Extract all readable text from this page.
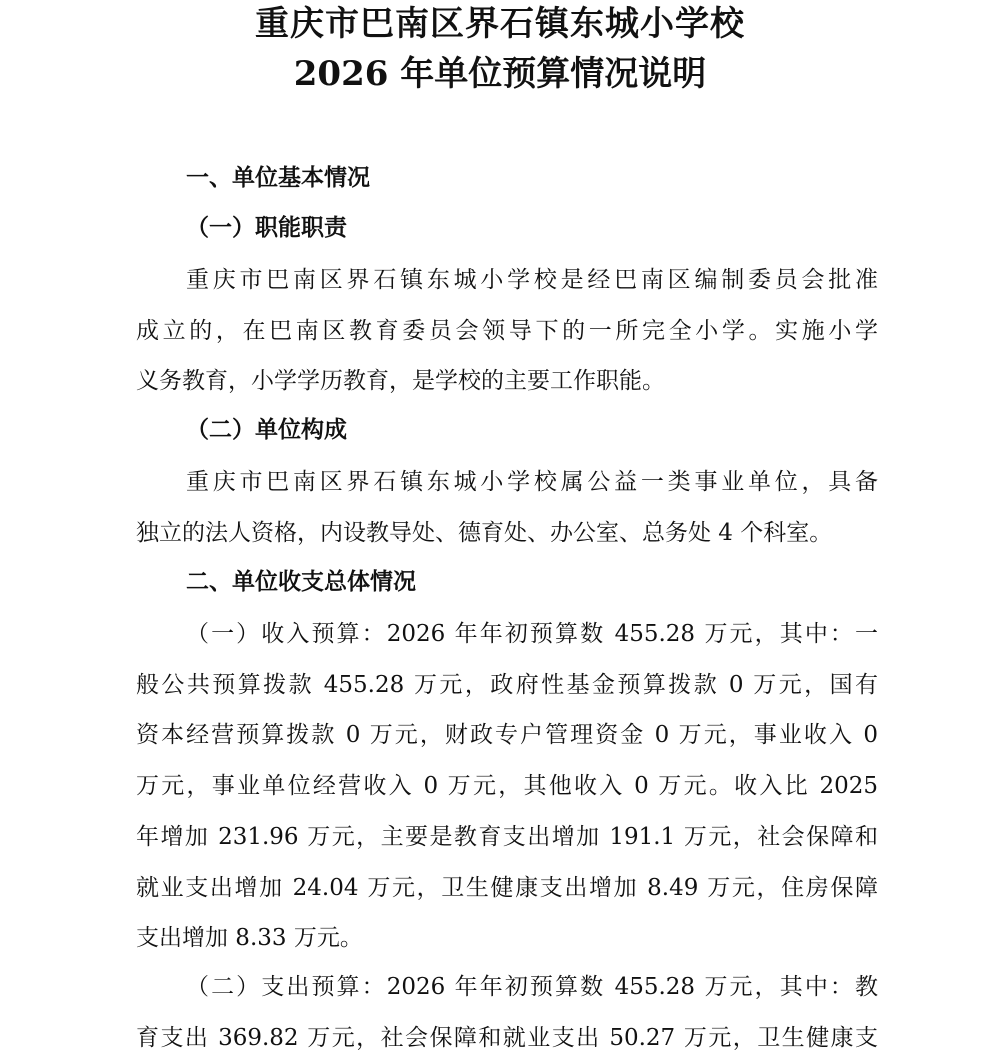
重庆市巴南区界石镇东城小学校
2026 年单位预算情况说明
一、单位基本情况
（一）职能职责

重庆市巴南区界石镇东城小学校是经巴南区编制委员会批准
成立的，在巴南区教育委员会领导下的一所完全小学。实施小学
义务教育，小学学历教育，是学校的主要工作职能。

（二）单位构成

重庆市巴南区界石镇东城小学校属公益一类事业单位，具备
独立的法人资格，内设教导处、德育处、办公室、总务处 4 个科室。

二、单位收支总体情况

（一）收入预算：2026 年年初预算数 455.28 万元，其中：一
般公共预算拨款 455.28 万元，政府性基金预算拨款 0 万元，国有
资本经营预算拨款 0 万元，财政专户管理资金 0 万元，事业收入 0
万元，事业单位经营收入 0 万元，其他收入 0 万元。收入比 2025
年增加 231.96 万元，主要是教育支出增加 191.1 万元，社会保障和
就业支出增加 24.04 万元，卫生健康支出增加 8.49 万元，住房保障
支出增加 8.33 万元。

（二）支出预算：2026 年年初预算数 455.28 万元，其中：教
育支出 369.82 万元，社会保障和就业支出 50.27 万元，卫生健康支
